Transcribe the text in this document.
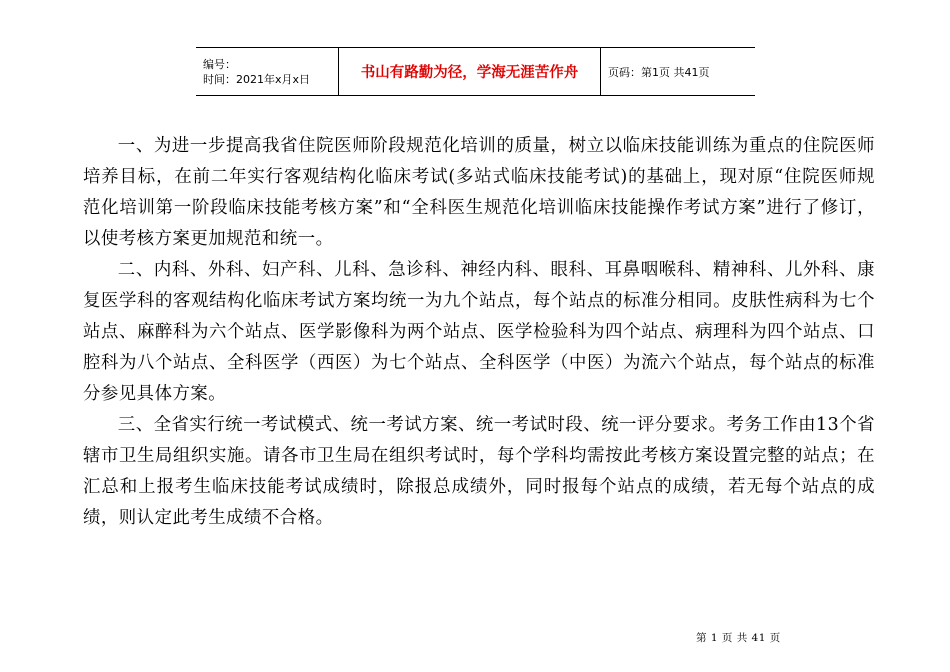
编号：
时间：2021年x月x日	书山有路勤为径，学海无涯苦作舟	页码：第1页 共41页

一、为进一步提高我省住院医师阶段规范化培训的质量，树立以临床技能训练为重点的住院医师培养目标，在前二年实行客观结构化临床考试(多站式临床技能考试)的基础上，现对原“住院医师规范化培训第一阶段临床技能考核方案”和“全科医生规范化培训临床技能操作考试方案”进行了修订，以使考核方案更加规范和统一。

二、内科、外科、妇产科、儿科、急诊科、神经内科、眼科、耳鼻咽喉科、精神科、儿外科、康复医学科的客观结构化临床考试方案均统一为九个站点，每个站点的标准分相同。皮肤性病科为七个站点、麻醉科为六个站点、医学影像科为两个站点、医学检验科为四个站点、病理科为四个站点、口腔科为八个站点、全科医学（西医）为七个站点、全科医学（中医）为流六个站点，每个站点的标准分参见具体方案。

三、全省实行统一考试模式、统一考试方案、统一考试时段、统一评分要求。考务工作由13个省辖市卫生局组织实施。请各市卫生局在组织考试时，每个学科均需按此考核方案设置完整的站点；在汇总和上报考生临床技能考试成绩时，除报总成绩外，同时报每个站点的成绩，若无每个站点的成绩，则认定此考生成绩不合格。

第 1 页 共 41 页
